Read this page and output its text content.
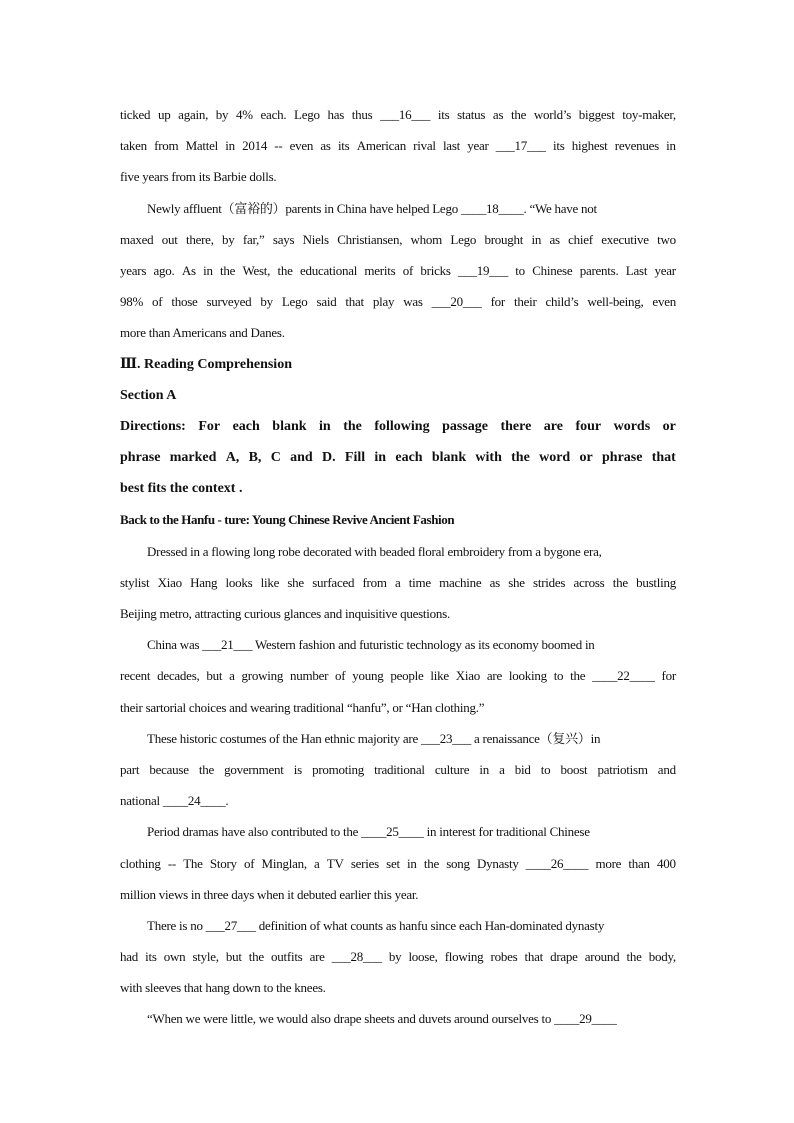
ticked up again, by 4% each. Lego has thus ___16___ its status as the world’s biggest toy-maker,
taken from Mattel in 2014 -- even as its American rival last year ___17___ its highest revenues in
five years from its Barbie dolls.
Newly affluent（富裕的）parents in China have helped Lego ____18____. “We have not
maxed out there, by far,” says Niels Christiansen, whom Lego brought in as chief executive two
years ago. As in the West, the educational merits of bricks ___19___ to Chinese parents. Last year
98% of those surveyed by Lego said that play was ___20___ for their child’s well-being, even
more than Americans and Danes.
Ⅲ. Reading Comprehension
Section A
Directions: For each blank in the following passage there are four words or
phrase marked A, B, C and D. Fill in each blank with the word or phrase that
best fits the context .
Back to the Hanfu - ture: Young Chinese Revive Ancient Fashion
Dressed in a flowing long robe decorated with beaded floral embroidery from a bygone era,
stylist Xiao Hang looks like she surfaced from a time machine as she strides across the bustling
Beijing metro, attracting curious glances and inquisitive questions.
China was ___21___ Western fashion and futuristic technology as its economy boomed in
recent decades, but a growing number of young people like Xiao are looking to the ____22____ for
their sartorial choices and wearing traditional “hanfu”, or “Han clothing.”
These historic costumes of the Han ethnic majority are ___23___ a renaissance（复兴）in
part because the government is promoting traditional culture in a bid to boost patriotism and
national ____24____.
Period dramas have also contributed to the ____25____ in interest for traditional Chinese
clothing -- The Story of Minglan, a TV series set in the song Dynasty ____26____ more than 400
million views in three days when it debuted earlier this year.
There is no ___27___ definition of what counts as hanfu since each Han-dominated dynasty
had its own style, but the outfits are ___28___ by loose, flowing robes that drape around the body,
with sleeves that hang down to the knees.
“When we were little, we would also drape sheets and duvets around ourselves to ____29____
